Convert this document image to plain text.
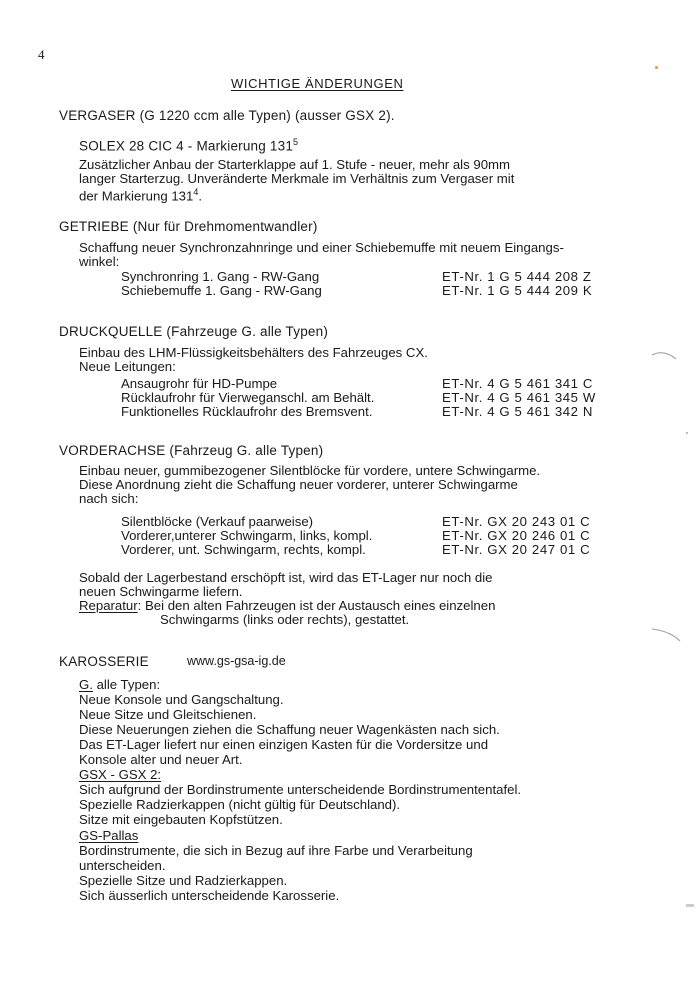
4
WICHTIGE ÄNDERUNGEN
VERGASER (G 1220 ccm alle Typen) (ausser GSX 2).
SOLEX 28 CIC 4 - Markierung $131^5$
Zusätzlicher Anbau der Starterklappe auf 1. Stufe - neuer, mehr als 90mm
langer Starterzug. Unveränderte Merkmale im Verhältnis zum Vergaser mit
der Markierung $131^4$.
GETRIEBE (Nur für Drehmomentwandler)
Schaffung neuer Synchronzahnringe und einer Schiebemuffe mit neuem Eingangs-
winkel:
Synchronring 1. Gang - RW-Gang	ET-Nr. 1 G 5 444 208 Z
Schiebemuffe 1. Gang - RW-Gang	ET-Nr. 1 G 5 444 209 K
DRUCKQUELLE (Fahrzeuge G. alle Typen)
Einbau des LHM-Flüssigkeitsbehälters des Fahrzeuges CX.
Neue Leitungen:
Ansaugrohr für HD-Pumpe	ET-Nr. 4 G 5 461 341 C
Rücklaufrohr für Vierweganschl. am Behält.	ET-Nr. 4 G 5 461 345 W
Funktionelles Rücklaufrohr des Bremsvent.	ET-Nr. 4 G 5 461 342 N
VORDERACHSE (Fahrzeug G. alle Typen)
Einbau neuer, gummibezogener Silentblöcke für vordere, untere Schwingarme.
Diese Anordnung zieht die Schaffung neuer vorderer, unterer Schwingarme
nach sich:
Silentblöcke (Verkauf paarweise)	ET-Nr. GX 20 243 01 C
Vorderer,unterer Schwingarm, links, kompl.	ET-Nr. GX 20 246 01 C
Vorderer, unt. Schwingarm, rechts, kompl.	ET-Nr. GX 20 247 01 C
Sobald der Lagerbestand erschöpft ist, wird das ET-Lager nur noch die
neuen Schwingarme liefern.
Reparatur: Bei den alten Fahrzeugen ist der Austausch eines einzelnen
Schwingarms (links oder rechts), gestattet.
KAROSSERIE	www.gs-gsa-ig.de
G. alle Typen:
Neue Konsole und Gangschaltung.
Neue Sitze und Gleitschienen.
Diese Neuerungen ziehen die Schaffung neuer Wagenkästen nach sich.
Das ET-Lager liefert nur einen einzigen Kasten für die Vordersitze und
Konsole alter und neuer Art.
GSX - GSX 2:
Sich aufgrund der Bordinstrumente unterscheidende Bordinstrumententafel.
Spezielle Radzierkappen (nicht gültig für Deutschland).
Sitze mit eingebauten Kopfstützen.
GS-Pallas
Bordinstrumente, die sich in Bezug auf ihre Farbe und Verarbeitung
unterscheiden.
Spezielle Sitze und Radzierkappen.
Sich äusserlich unterscheidende Karosserie.
